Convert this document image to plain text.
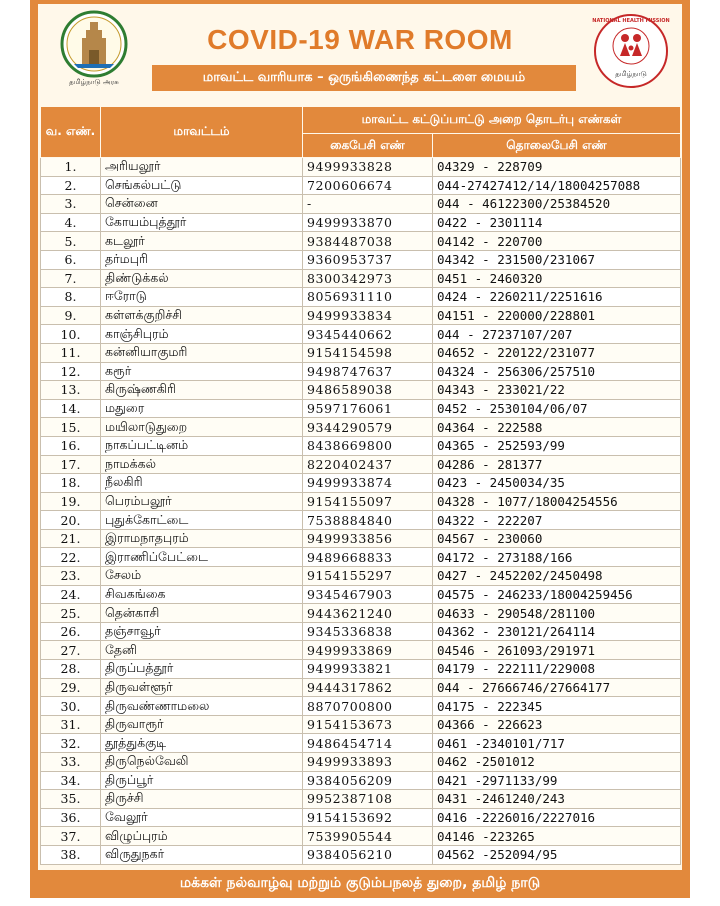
தமிழ்நாடு அரசு
COVID-19 WAR ROOM
NATIONAL HEALTH MISSION
தமிழ்நாடு
மாவட்ட வாரியாக – ஒருங்கிணைந்த கட்டளை மையம்
வ. எண்.	மாவட்டம்	மாவட்ட கட்டுப்பாட்டு அறை தொடர்பு எண்கள்	
		கைபேசி எண்	தொலைபேசி எண்
1.	அரியலூர்	9499933828	04329 - 228709
2.	செங்கல்பட்டு	7200606674	044-27427412/14/18004257088
3.	சென்னை	-	044 - 46122300/25384520
4.	கோயம்புத்தூர்	9499933870	0422 - 2301114
5.	கடலூர்	9384487038	04142 - 220700
6.	தர்மபுரி	9360953737	04342 - 231500/231067
7.	திண்டுக்கல்	8300342973	0451 - 2460320
8.	ஈரோடு	8056931110	0424 - 2260211/2251616
9.	கள்ளக்குறிச்சி	9499933834	04151 - 220000/228801
10.	காஞ்சிபுரம்	9345440662	044 - 27237107/207
11.	கன்னியாகுமரி	9154154598	04652 - 220122/231077
12.	கரூர்	9498747637	04324 - 256306/257510
13.	கிருஷ்ணகிரி	9486589038	04343 - 233021/22
14.	மதுரை	9597176061	0452 - 2530104/06/07
15.	மயிலாடுதுறை	9344290579	04364 - 222588
16.	நாகப்பட்டினம்	8438669800	04365 - 252593/99
17.	நாமக்கல்	8220402437	04286 - 281377
18.	நீலகிரி	9499933874	0423 - 2450034/35
19.	பெரம்பலூர்	9154155097	04328 - 1077/18004254556
20.	புதுக்கோட்டை	7538884840	04322 - 222207
21.	இராமநாதபுரம்	9499933856	04567 - 230060
22.	இராணிப்பேட்டை	9489668833	04172 - 273188/166
23.	சேலம்	9154155297	0427 - 2452202/2450498
24.	சிவகங்கை	9345467903	04575 - 246233/18004259456
25.	தென்காசி	9443621240	04633 - 290548/281100
26.	தஞ்சாவூர்	9345336838	04362 - 230121/264114
27.	தேனி	9499933869	04546 - 261093/291971
28.	திருப்பத்தூர்	9499933821	04179 - 222111/229008
29.	திருவள்ளூர்	9444317862	044 - 27666746/27664177
30.	திருவண்ணாமலை	8870700800	04175 - 222345
31.	திருவாரூர்	9154153673	04366 - 226623
32.	தூத்துக்குடி	9486454714	0461 -2340101/717
33.	திருநெல்வேலி	9499933893	0462 -2501012
34.	திருப்பூர்	9384056209	0421 -2971133/99
35.	திருச்சி	9952387108	0431 -2461240/243
36.	வேலூர்	9154153692	0416 -2226016/2227016
37.	விழுப்புரம்	7539905544	04146 -223265
38.	விருதுநகர்	9384056210	04562 -252094/95
மக்கள் நல்வாழ்வு மற்றும் குடும்பநலத் துறை, தமிழ் நாடு
